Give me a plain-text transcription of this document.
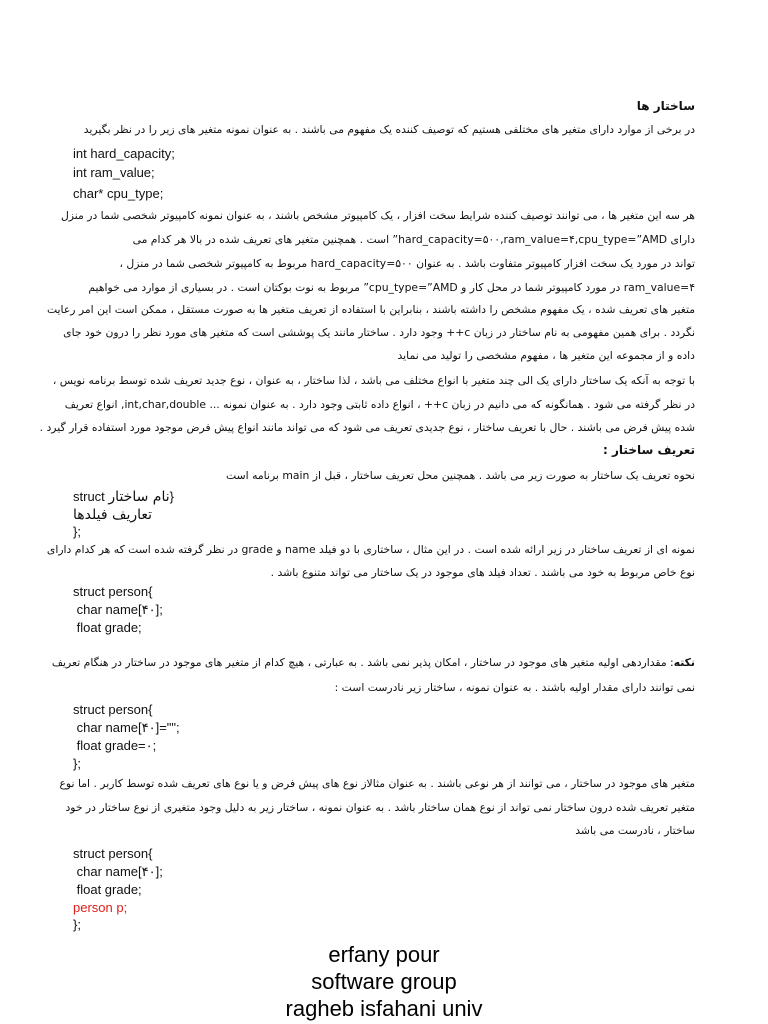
ساختار ها
در برخی از موارد دارای متغیر های مختلفی هستیم که توصیف کننده یک مفهوم می باشند . به عنوان نمونه متغیر های زیر را در نظر بگیرید
int hard_capacity;
int ram_value;
char* cpu_type;
هر سه این متغیر ها ، می توانند توصیف کننده شرایط سخت افزار ، یک کامپیوتر مشخص باشند ، به عنوان نمونه کامپیوتر شخصی شما در منزل
دارای hard_capacity=۵۰۰,ram_value=۴,cpu_type=”AMD” است . همچنین متغیر های تعریف شده در بالا هر کدام می
تواند در مورد یک سخت افزار کامپیوتر متفاوت باشد . به عنوان hard_capacity=۵۰۰ مربوط به کامپیوتر شخصی شما در منزل ،
ram_value=۴ در مورد کامپیوتر شما در محل کار و cpu_type=”AMD” مربوط به نوت بوکتان است . در بسیاری از موارد می خواهیم
متغیر های تعریف شده ، یک مفهوم مشخص را داشته باشند ، بنابراین با استفاده از تعریف متغیر ها به صورت مستقل ، ممکن است این امر رعایت
نگردد . برای همین مفهومی به نام ساختار در زبان c++ وجود دارد . ساختار مانند یک پوششی است که متغیر های مورد نظر را درون خود جای
داده و از مجموعه این متغیر ها ، مفهوم مشخصی را تولید می نماید
با توجه به آنکه یک ساختار دارای یک الی چند متغیر با انواع مختلف می باشد ، لذا ساختار ، به عنوان ، نوع جدید تعریف شده توسط برنامه نویس ،
در نظر گرفته می شود . همانگونه که می دانیم در زبان c++ ، انواع داده ثابتی وجود دارد . به عنوان نمونه ... int,char,double, انواع تعریف
شده پیش فرض می باشند . حال با تعریف ساختار ، نوع جدیدی تعریف می شود که می تواند مانند انواع پیش فرض موجود مورد استفاده قرار گیرد .
تعریف ساختار :
نحوه تعریف یک ساختار به صورت زیر می باشد . همچنین محل تعریف ساختار ، قبل از main برنامه است
struct نام ساختار}
تعاریف فیلدها
};
نمونه ای از تعریف ساختار در زیر ارائه شده است . در این مثال ، ساختاری با دو فیلد name و grade در نظر گرفته شده است که هر کدام دارای
نوع خاص مربوط به خود می باشند . تعداد فیلد های موجود در یک ساختار می تواند متنوع باشد .
struct person{
char name[۴۰];
float grade;
نکته: مقداردهی اولیه متغیر های موجود در ساختار ، امکان پذیر نمی باشد . به عبارتی ، هیچ کدام از متغیر های موجود در ساختار در هنگام تعریف
نمی توانند دارای مقدار اولیه باشند . به عنوان نمونه ، ساختار زیر نادرست است :
struct person{
char name[۴۰]="";
float grade=۰;
};
متغیر های موجود در ساختار ، می توانند از هر نوعی باشند . به عنوان مثالاز نوع های پیش فرض و یا نوع های تعریف شده توسط کاربر . اما نوع
متغیر تعریف شده درون ساختار نمی تواند از نوع همان ساختار باشد . به عنوان نمونه ، ساختار زیر به دلیل وجود متغیری از نوع ساختار در خود
ساختار ، نادرست می باشد
struct person{
char name[۴۰];
float grade;
person p;
};
erfany pour
software group
ragheb isfahani univ
